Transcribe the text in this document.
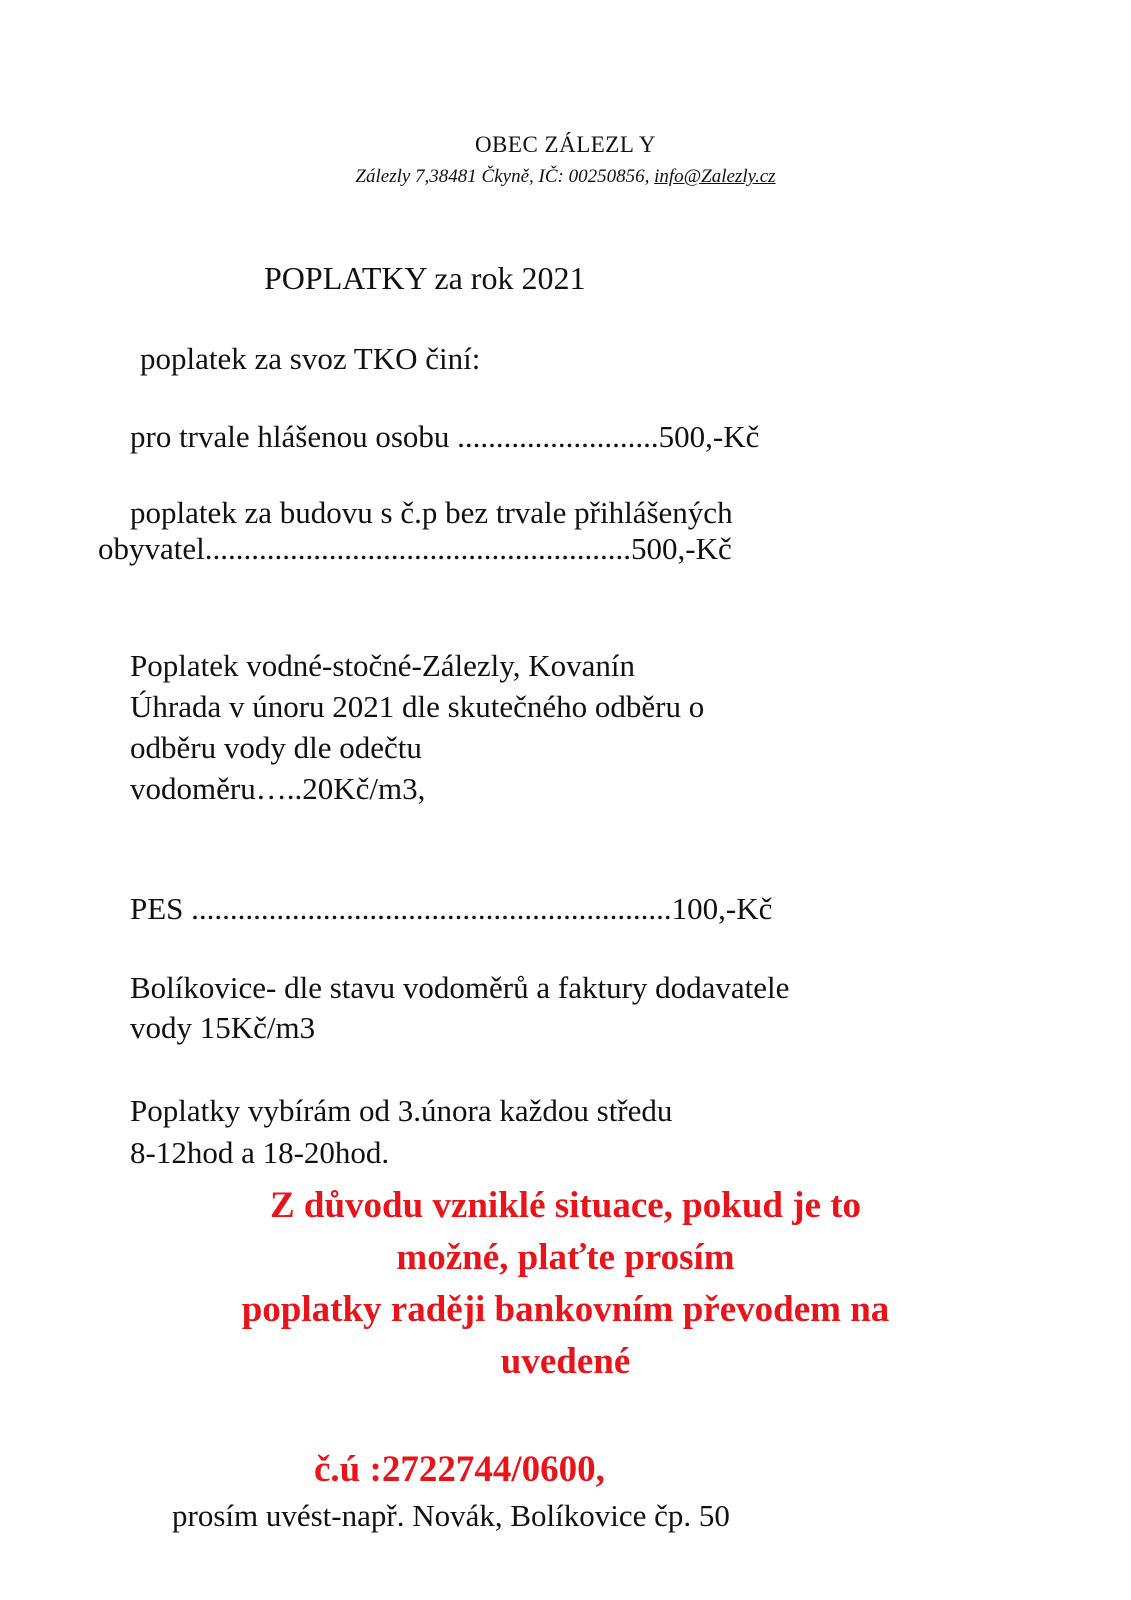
OBEC ZÁLEZL Y
Zálezly 7,38481 Čkyně, IČ: 00250856, info@Zalezly.cz
POPLATKY za rok 2021
poplatek za svoz TKO činí:
pro trvale hlášenou osobu ..........................500,-Kč
poplatek za budovu s č.p bez trvale přihlášených
obyvatel.......................................................500,-Kč
Poplatek vodné-stočné-Zálezly, Kovanín
Úhrada v únoru 2021 dle skutečného odběru o
odběru vody dle odečtu
vodoměru…..20Kč/m3,
PES ..............................................................100,-Kč
Bolíkovice- dle stavu vodoměrů a faktury dodavatele
vody 15Kč/m3
Poplatky vybírám od 3.února každou středu
8-12hod a 18-20hod.
Z důvodu vzniklé situace, pokud je to
možné, plaťte prosím
poplatky raději bankovním převodem na
uvedené
č.ú :2722744/0600,
prosím uvést-např. Novák, Bolíkovice čp. 50
